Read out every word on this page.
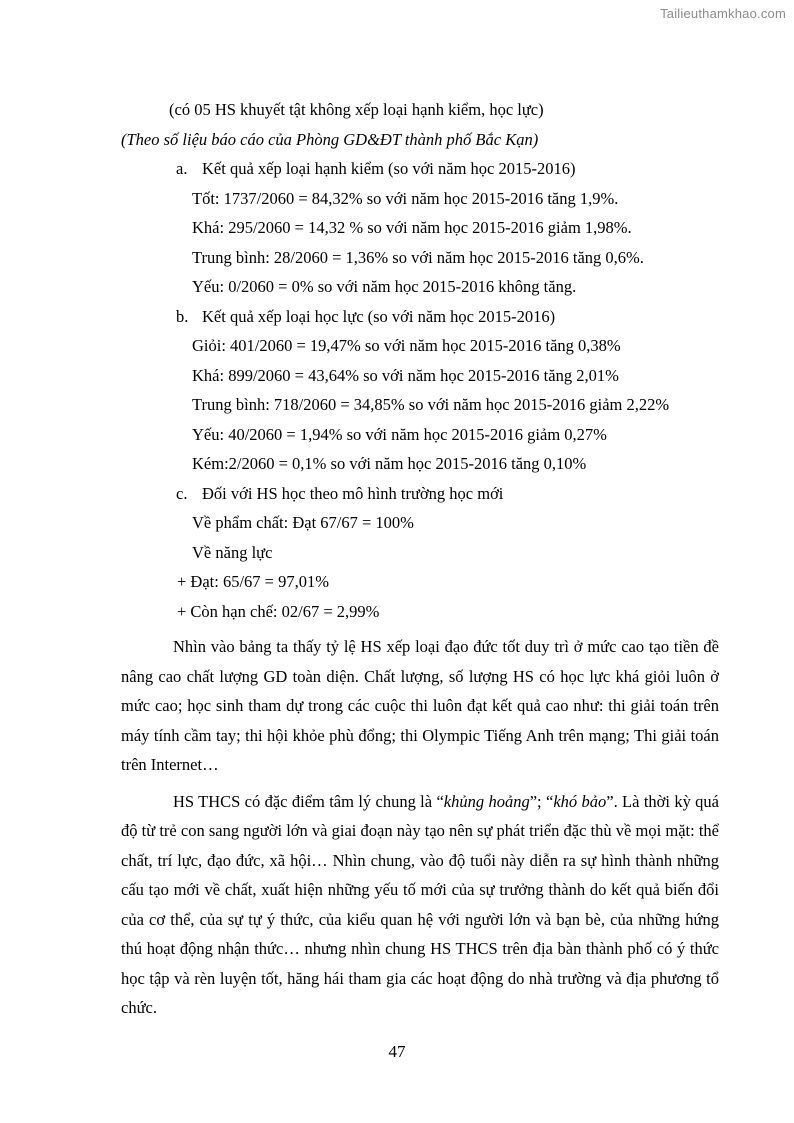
Tailieuthamkhao.com
(có 05 HS khuyết tật không xếp loại hạnh kiểm, học lực)
(Theo số liệu báo cáo của Phòng GD&ĐT thành phố Bắc Kạn)
a. Kết quả xếp loại hạnh kiểm (so với năm học 2015-2016)
Tốt: 1737/2060 = 84,32% so với năm học 2015-2016 tăng 1,9%.
Khá: 295/2060 = 14,32 % so với năm học 2015-2016 giảm 1,98%.
Trung bình: 28/2060 = 1,36% so với năm học 2015-2016 tăng 0,6%.
Yếu: 0/2060 = 0% so với năm học 2015-2016 không tăng.
b. Kết quả xếp loại học lực (so với năm học 2015-2016)
Giỏi: 401/2060 = 19,47% so với năm học 2015-2016 tăng 0,38%
Khá: 899/2060 = 43,64% so với năm học 2015-2016 tăng 2,01%
Trung bình: 718/2060 = 34,85% so với năm học 2015-2016 giảm 2,22%
Yếu: 40/2060 = 1,94% so với năm học 2015-2016 giảm 0,27%
Kém:2/2060 = 0,1% so với năm học 2015-2016 tăng 0,10%
c. Đối với HS học theo mô hình trường học mới
Về phẩm chất: Đạt 67/67 = 100%
Về năng lực
+ Đạt: 65/67 = 97,01%
+ Còn hạn chế: 02/67 = 2,99%

Nhìn vào bảng ta thấy tỷ lệ HS xếp loại đạo đức tốt duy trì ở mức cao tạo tiền đề nâng cao chất lượng GD toàn diện. Chất lượng, số lượng HS có học lực khá giỏi luôn ở mức cao; học sinh tham dự trong các cuộc thi luôn đạt kết quả cao như: thi giải toán trên máy tính cầm tay; thi hội khỏe phù đổng; thi Olympic Tiếng Anh trên mạng; Thi giải toán trên Internet…

HS THCS có đặc điểm tâm lý chung là “khủng hoảng”; “khó bảo”. Là thời kỳ quá độ từ trẻ con sang người lớn và giai đoạn này tạo nên sự phát triển đặc thù về mọi mặt: thể chất, trí lực, đạo đức, xã hội… Nhìn chung, vào độ tuổi này diễn ra sự hình thành những cấu tạo mới về chất, xuất hiện những yếu tố mới của sự trưởng thành do kết quả biến đổi của cơ thể, của sự tự ý thức, của kiểu quan hệ với người lớn và bạn bè, của những hứng thú hoạt động nhận thức… nhưng nhìn chung HS THCS trên địa bàn thành phố có ý thức học tập và rèn luyện tốt, hăng hái tham gia các hoạt động do nhà trường và địa phương tổ chức.

47
